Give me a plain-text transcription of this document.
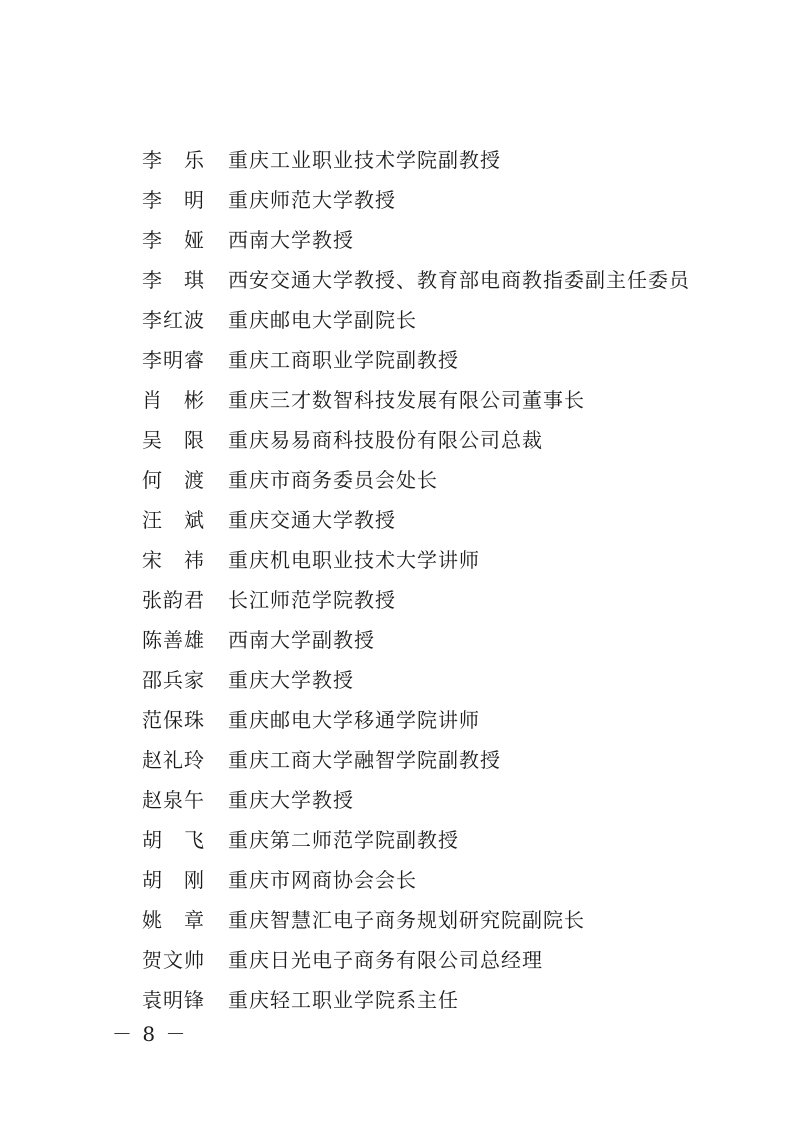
李 乐 重庆工业职业技术学院副教授
李 明 重庆师范大学教授
李 娅 西南大学教授
李 琪 西安交通大学教授、教育部电商教指委副主任委员
李 红 波 重庆邮电大学副院长
李 明 睿 重庆工商职业学院副教授
肖 彬 重庆三才数智科技发展有限公司董事长
吴 限 重庆易易商科技股份有限公司总裁
何 渡 重庆市商务委员会处长
汪 斌 重庆交通大学教授
宋 祎 重庆机电职业技术大学讲师
张 韵 君 长江师范学院教授
陈 善 雄 西南大学副教授
邵 兵 家 重庆大学教授
范 保 珠 重庆邮电大学移通学院讲师
赵 礼 玲 重庆工商大学融智学院副教授
赵 泉 午 重庆大学教授
胡 飞 重庆第二师范学院副教授
胡 刚 重庆市网商协会会长
姚 章 重庆智慧汇电子商务规划研究院副院长
贺 文 帅 重庆日光电子商务有限公司总经理
袁 明 锋 重庆轻工职业学院系主任
－ 8 －
